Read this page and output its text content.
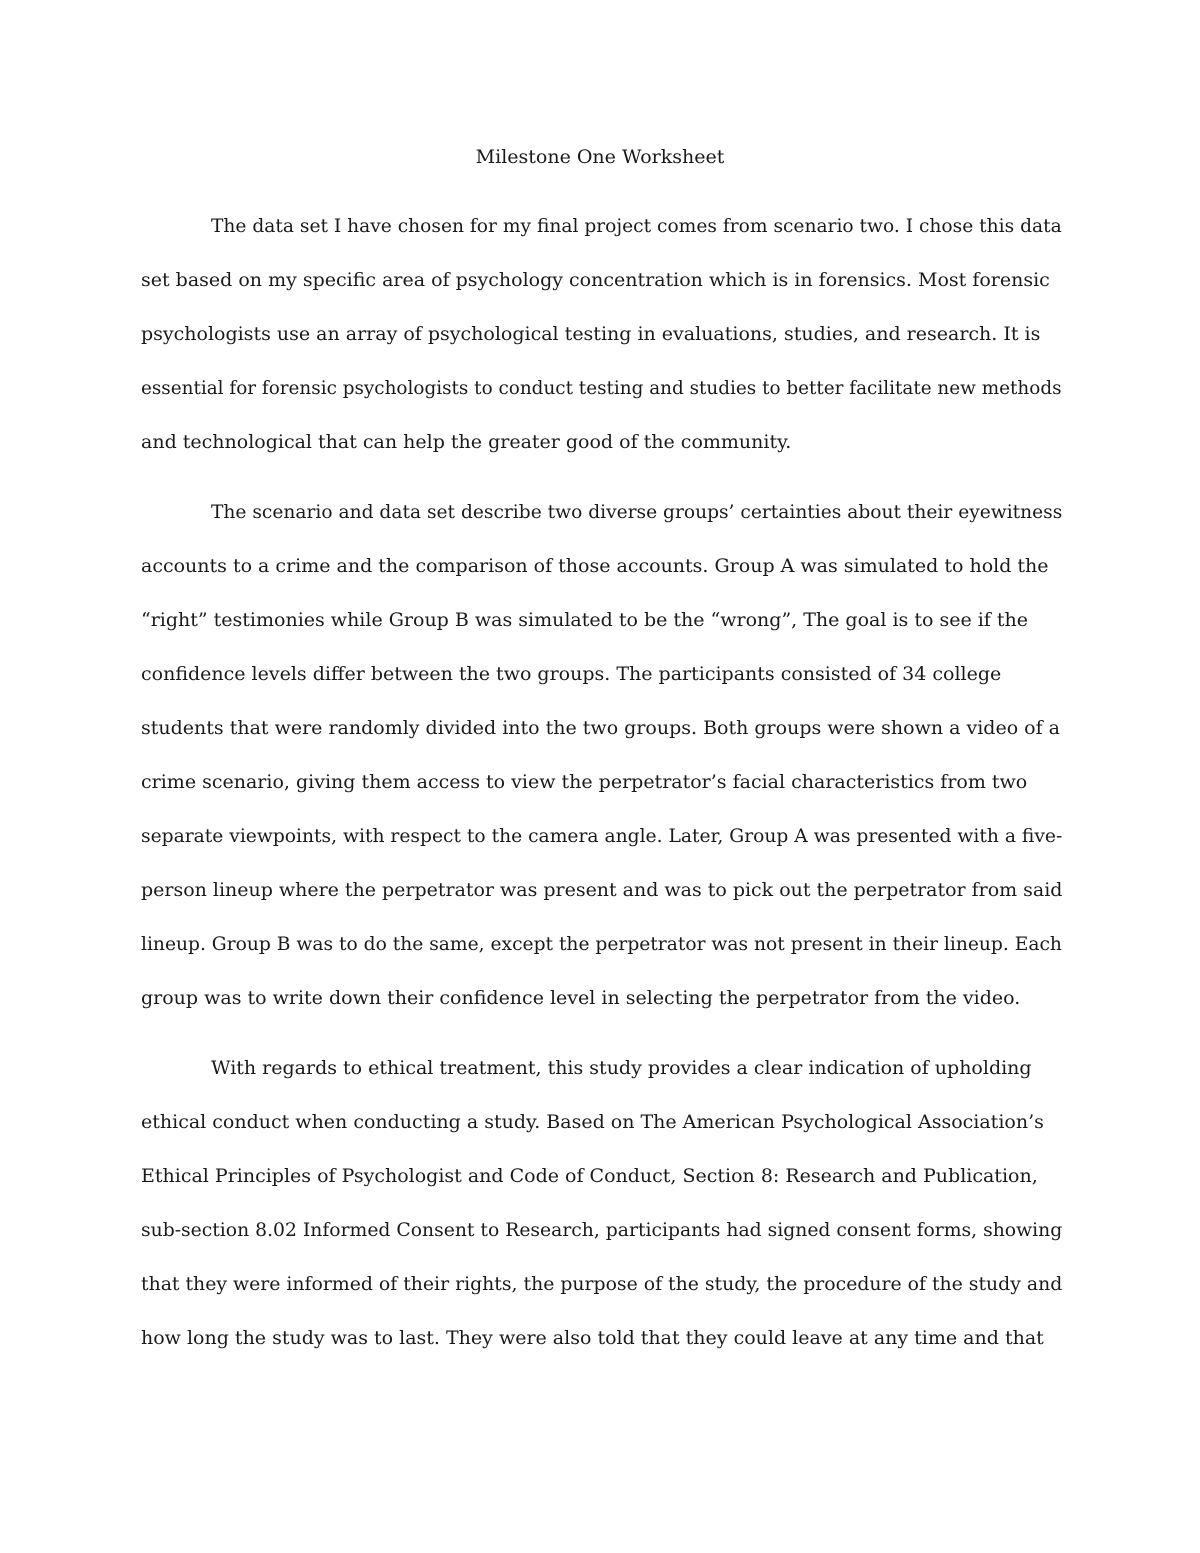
Milestone One Worksheet
The data set I have chosen for my final project comes from scenario two. I chose this data
set based on my specific area of psychology concentration which is in forensics. Most forensic
psychologists use an array of psychological testing in evaluations, studies, and research. It is
essential for forensic psychologists to conduct testing and studies to better facilitate new methods
and technological that can help the greater good of the community.
The scenario and data set describe two diverse groups’ certainties about their eyewitness
accounts to a crime and the comparison of those accounts. Group A was simulated to hold the
“right” testimonies while Group B was simulated to be the “wrong”, The goal is to see if the
confidence levels differ between the two groups. The participants consisted of 34 college
students that were randomly divided into the two groups. Both groups were shown a video of a
crime scenario, giving them access to view the perpetrator’s facial characteristics from two
separate viewpoints, with respect to the camera angle. Later, Group A was presented with a five-
person lineup where the perpetrator was present and was to pick out the perpetrator from said
lineup. Group B was to do the same, except the perpetrator was not present in their lineup. Each
group was to write down their confidence level in selecting the perpetrator from the video.
With regards to ethical treatment, this study provides a clear indication of upholding
ethical conduct when conducting a study. Based on The American Psychological Association’s
Ethical Principles of Psychologist and Code of Conduct, Section 8: Research and Publication,
sub-section 8.02 Informed Consent to Research, participants had signed consent forms, showing
that they were informed of their rights, the purpose of the study, the procedure of the study and
how long the study was to last. They were also told that they could leave at any time and that
